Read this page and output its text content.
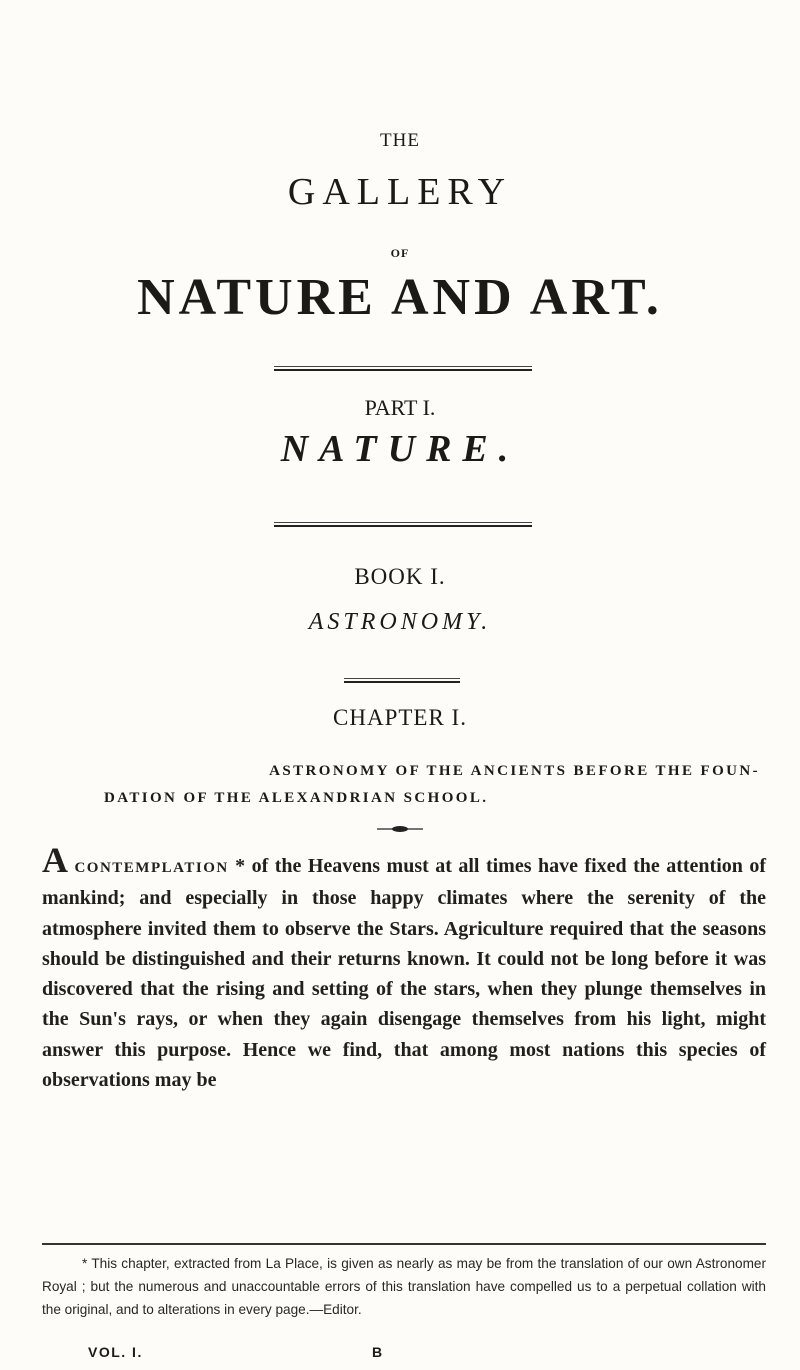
THE
GALLERY
OF
NATURE AND ART.
PART I.
NATURE.
BOOK I.
ASTRONOMY.
CHAPTER I.
ASTRONOMY OF THE ANCIENTS BEFORE THE FOUN-
DATION OF THE ALEXANDRIAN SCHOOL.
A CONTEMPLATION * of the Heavens must at all times have fixed the attention of mankind; and especially in those happy climates where the serenity of the atmosphere invited them to observe the Stars. Agriculture required that the seasons should be distinguished and their returns known. It could not be long before it was discovered that the rising and setting of the stars, when they plunge themselves in the Sun's rays, or when they again disengage themselves from his light, might answer this purpose. Hence we find, that among most nations this species of observations may be
* This chapter, extracted from La Place, is given as nearly as may be from the translation of our own Astronomer Royal ; but the numerous and unaccountable errors of this translation have compelled us to a perpetual collation with the original, and to alterations in every page.—Editor.
VOL. I.	B
